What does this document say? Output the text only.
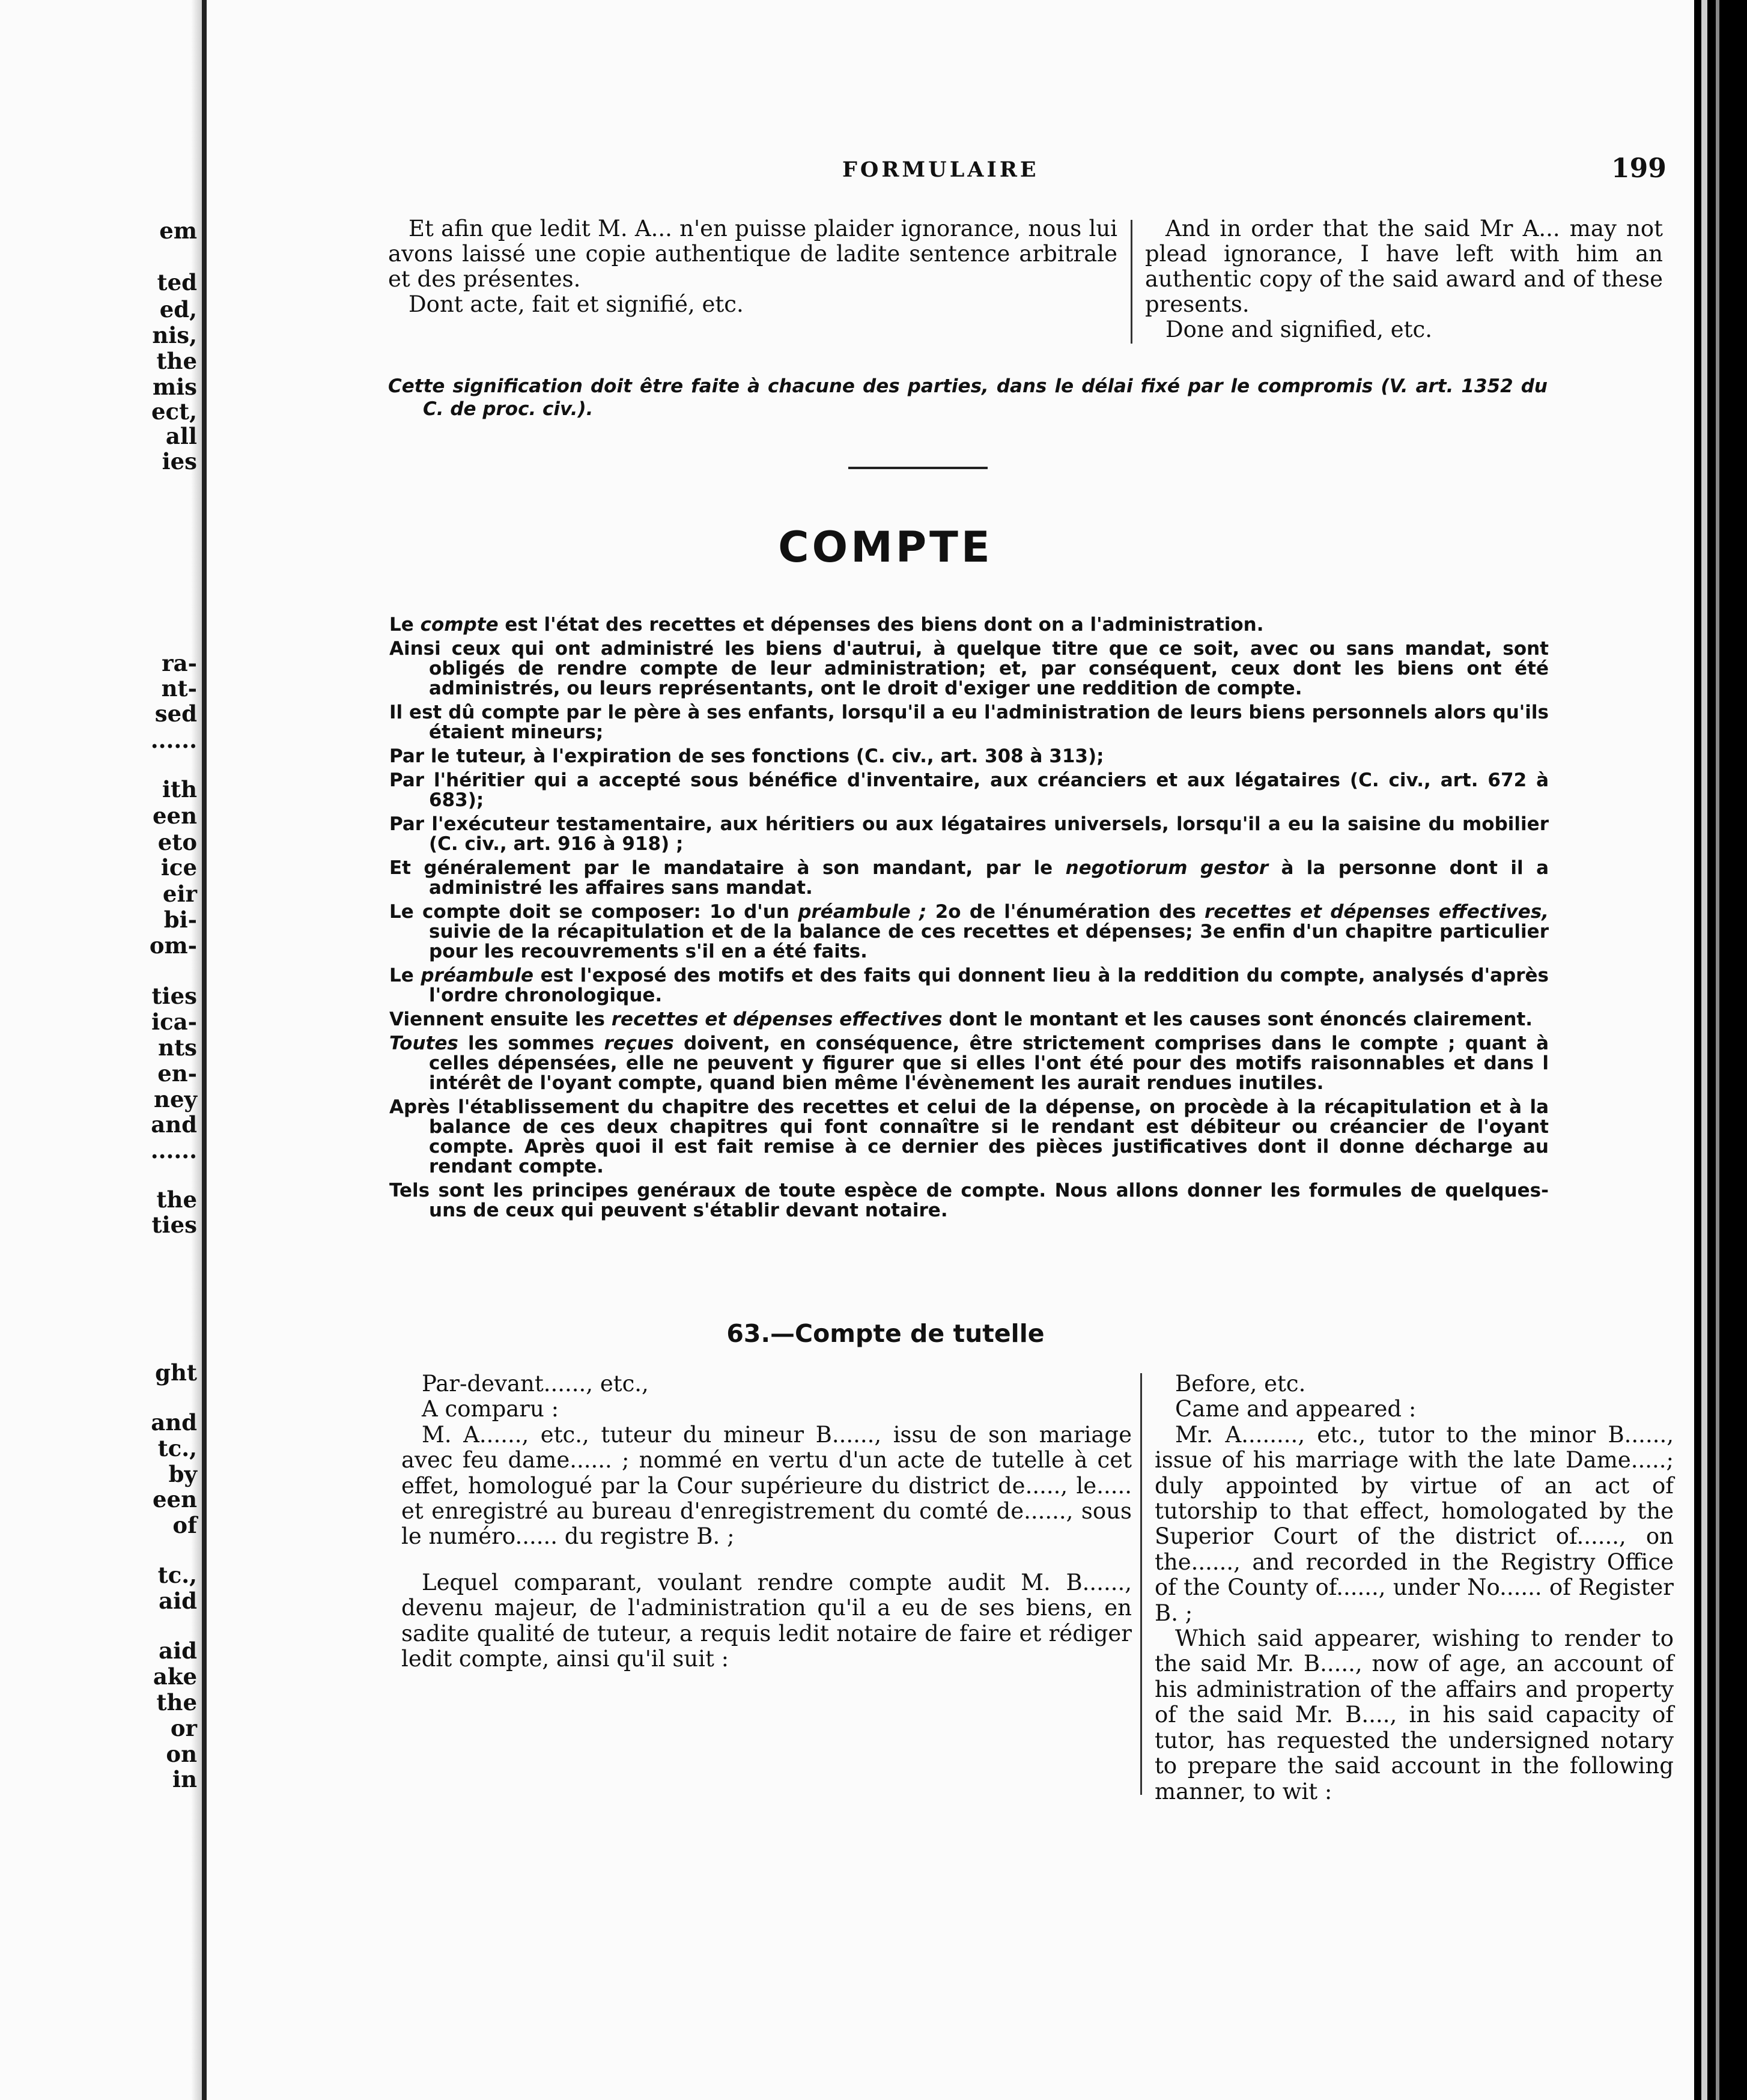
em
ted
ed,
nis,
the
mis
ect,
all
ies
ra-
nt-
sed
......
ith
een
eto
ice
eir
bi-
om-
ties
ica-
nts
en-
ney
and
......
the
ties
ght
and
tc.,
by
een
of
tc.,
aid
aid
ake
the
or
on
in
FORMULAIRE	199

Et afin que ledit M. A... n'en puisse plaider ignorance, nous lui avons laissé une copie authentique de ladite sentence arbitrale et des présentes.

Dont acte, fait et signifié, etc.

And in order that the said Mr A... may not plead ignorance, I have left with him an authentic copy of the said award and of these presents.

Done and signified, etc.

Cette signification doit être faite à chacune des parties, dans le délai fixé par le compromis (V. art. 1352 du C. de proc. civ.).

COMPTE

Le compte est l'état des recettes et dépenses des biens dont on a l'administration.

Ainsi ceux qui ont administré les biens d'autrui, à quelque titre que ce soit, avec ou sans mandat, sont obligés de rendre compte de leur administration; et, par conséquent, ceux dont les biens ont été administrés, ou leurs représentants, ont le droit d'exiger une reddition de compte.

Il est dû compte par le père à ses enfants, lorsqu'il a eu l'administration de leurs biens personnels alors qu'ils étaient mineurs;

Par le tuteur, à l'expiration de ses fonctions (C. civ., art. 308 à 313);

Par l'héritier qui a accepté sous bénéfice d'inventaire, aux créanciers et aux légataires (C. civ., art. 672 à 683);

Par l'exécuteur testamentaire, aux héritiers ou aux légataires universels, lorsqu'il a eu la saisine du mobilier (C. civ., art. 916 à 918) ;

Et généralement par le mandataire à son mandant, par le negotiorum gestor à la personne dont il a administré les affaires sans mandat.

Le compte doit se composer: 1o d'un préambule ; 2o de l'énumération des recettes et dépenses effectives, suivie de la récapitulation et de la balance de ces recettes et dépenses; 3e enfin d'un chapitre particulier pour les recouvrements s'il en a été faits.

Le préambule est l'exposé des motifs et des faits qui donnent lieu à la reddition du compte, analysés d'après l'ordre chronologique.

Viennent ensuite les recettes et dépenses effectives dont le montant et les causes sont énoncés clairement.

Toutes les sommes reçues doivent, en conséquence, être strictement comprises dans le compte ; quant à celles dépensées, elle ne peuvent y figurer que si elles l'ont été pour des motifs raisonnables et dans l intérêt de l'oyant compte, quand bien même l'évènement les aurait rendues inutiles.

Après l'établissement du chapitre des recettes et celui de la dépense, on procède à la récapitulation et à la balance de ces deux chapitres qui font connaître si le rendant est débiteur ou créancier de l'oyant compte. Après quoi il est fait remise à ce dernier des pièces justificatives dont il donne décharge au rendant compte.

Tels sont les principes genéraux de toute espèce de compte. Nous allons donner les formules de quelques-uns de ceux qui peuvent s'établir devant notaire.

63.—Compte de tutelle

Par-devant......, etc.,

A comparu :

M. A......, etc., tuteur du mineur B......, issu de son mariage avec feu dame...... ; nommé en vertu d'un acte de tutelle à cet effet, homologué par la Cour supérieure du district de....., le..... et enregistré au bureau d'enregistrement du comté de......, sous le numéro...... du registre B. ;

Lequel comparant, voulant rendre compte audit M. B......, devenu majeur, de l'administration qu'il a eu de ses biens, en sadite qualité de tuteur, a requis ledit notaire de faire et rédiger ledit compte, ainsi qu'il suit :

Before, etc.

Came and appeared :

Mr. A........, etc., tutor to the minor B......, issue of his marriage with the late Dame.....; duly appointed by virtue of an act of tutorship to that effect, homologated by the Superior Court of the district of......, on the......, and recorded in the Registry Office of the County of......, under No...... of Register B. ;

Which said appearer, wishing to render to the said Mr. B....., now of age, an account of his administration of the affairs and property of the said Mr. B...., in his said capacity of tutor, has requested the undersigned notary to prepare the said account in the following manner, to wit :
